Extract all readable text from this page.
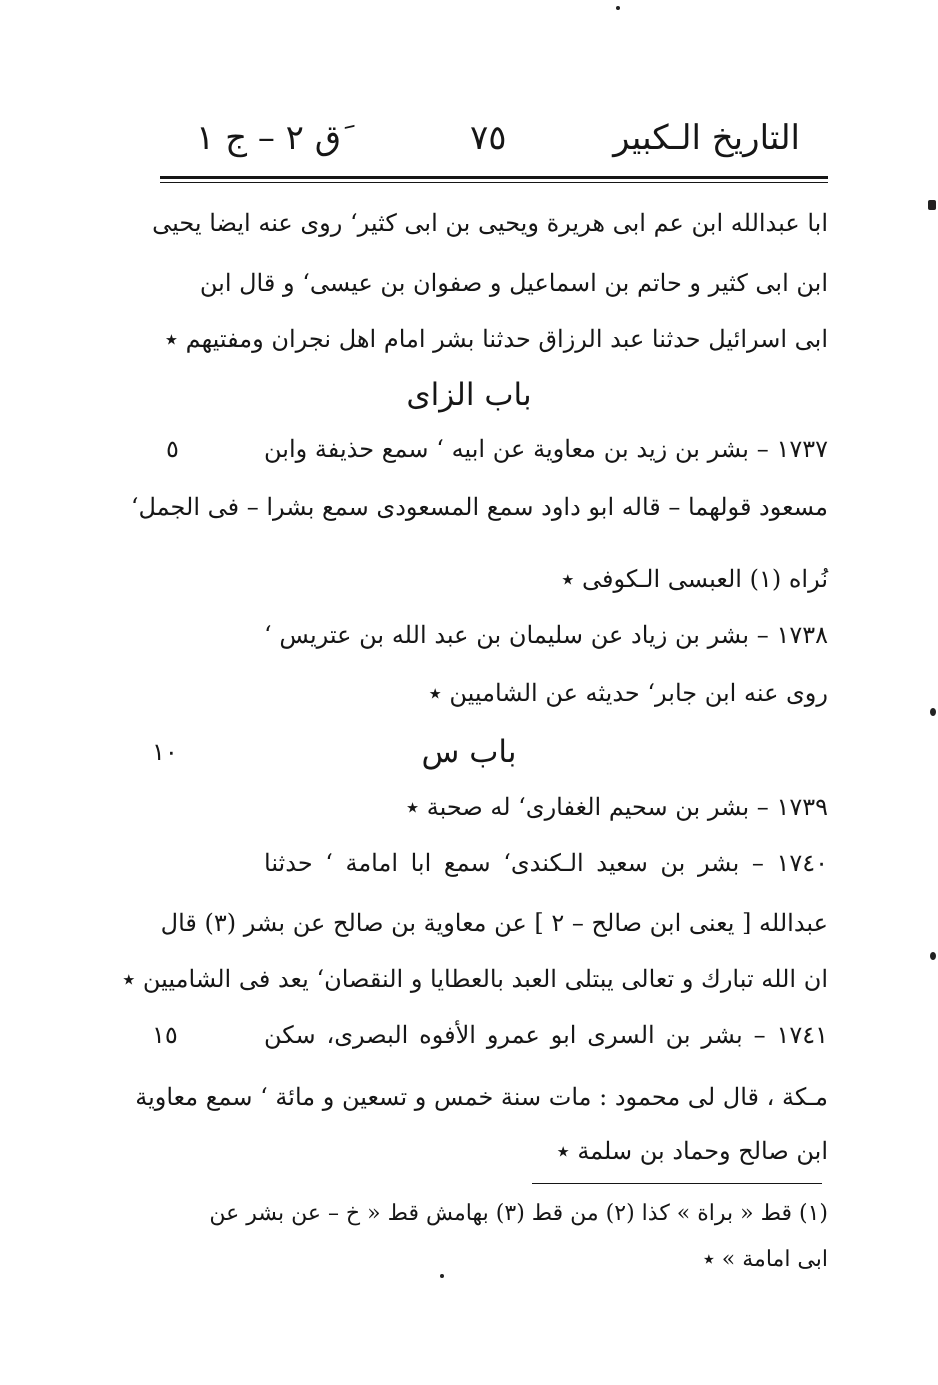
التاريخ الـكبير
٧٥
َق ٢ – ج ١
ابا عبدالله ابن عم ابی هریرة ویحیی بن ابی کثیر‘ روی عنه ایضا یحیی
ابن ابی کثیر و حاتم بن اسماعیل و صفوان بن عیسی‘ و قال ابن
ابی اسرائیل حدثنا عبد الرزاق حدثنا بشر امام اهل نجران ومفتیهم ٭
باب الزای
١٧٣٧ – بشر بن زید بن معاویة عن ابیه ‘ سمع حذیفة وابن
٥
مسعود قولهما – قاله ابو داود سمع المسعودی سمع بشرا – فی الجمل‘
نُراه (١) العبسی الـکوفی ٭
١٧٣٨ – بشر بن زیاد عن سلیمان بن عبد الله بن عتریس ‘
روی عنه ابن جابر‘ حدیثه عن الشامیین ٭
باب س
١٠
١٧٣٩ – بشر بن سحیم الغفاری‘ له صحبة ٭
١٧٤٠ – بشر بن سعید الـکندی‘ سمع ابا امامة ‘ حدثنا
عبدالله [ یعنی ابن صالح – ٢ ] عن معاویة بن صالح عن بشر (٣) قال
ان الله تبارك و تعالی یبتلی العبد بالعطایا و النقصان‘ یعد فی الشامیین ٭
١٧٤١ – بشر بن السری ابو عمرو الأفوه البصری، سکن
١٥
مـکة ، قال لی محمود : مات سنة خمس و تسعین و مائة ‘ سمع معاویة
ابن صالح وحماد بن سلمة ٭
(١) قط « براة » كذا (٢) من قط (٣) بهامش قط « خ – عن بشر عن
ابی امامة » ٭
